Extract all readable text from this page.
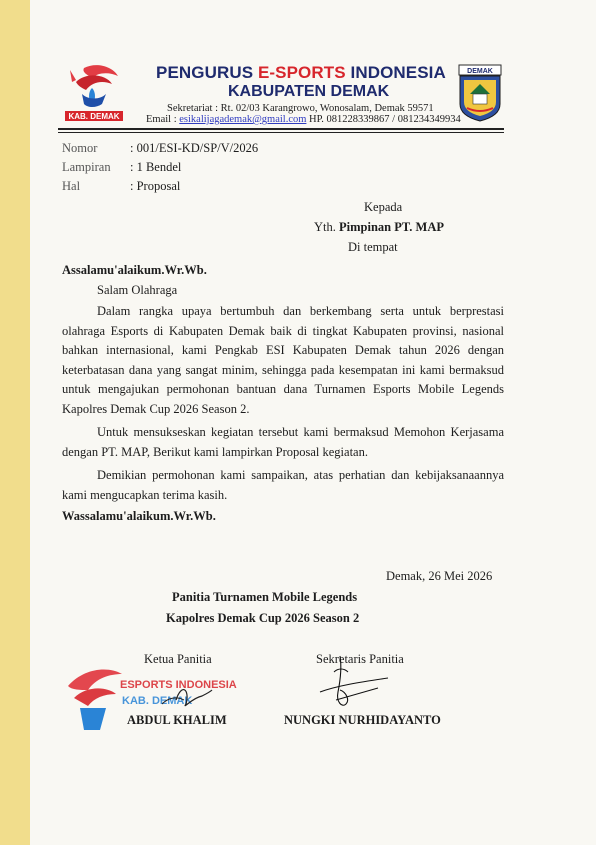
KAB. DEMAK
PENGURUS E-SPORTS INDONESIA
KABUPATEN DEMAK
Sekretariat : Rt. 02/03 Karangrowo, Wonosalam, Demak 59571
Email : esikalijagademak@gmail.com HP. 081228339867 / 081234349934
DEMAK
Nomor	: 001/ESI-KD/SP/V/2026
Lampiran : 1 Bendel
Hal	: Proposal
Kepada
Yth. Pimpinan PT. MAP
Di tempat
Assalamu'alaikum.Wr.Wb.
Salam Olahraga

Dalam rangka upaya bertumbuh dan berkembang serta untuk berprestasi olahraga Esports di Kabupaten Demak baik di tingkat Kabupaten provinsi, nasional bahkan internasional, kami Pengkab ESI Kabupaten Demak tahun 2026 dengan keterbatasan dana yang sangat minim, sehingga pada kesempatan ini kami bermaksud untuk mengajukan permohonan bantuan dana Turnamen Esports Mobile Legends Kapolres Demak Cup 2026 Season 2.

Untuk mensukseskan kegiatan tersebut kami bermaksud Memohon Kerjasama dengan PT. MAP, Berikut kami lampirkan Proposal kegiatan.

Demikian permohonan kami sampaikan, atas perhatian dan kebijaksanaannya kami mengucapkan terima kasih.

Wassalamu'alaikum.Wr.Wb.
Demak, 26 Mei 2026
Panitia Turnamen Mobile Legends
Kapolres Demak Cup 2026 Season 2
Ketua Panitia	Sekretaris Panitia
ESPORTS INDONESIA
KAB. DEMAK
ABDUL KHALIM	NUNGKI NURHIDAYANTO
